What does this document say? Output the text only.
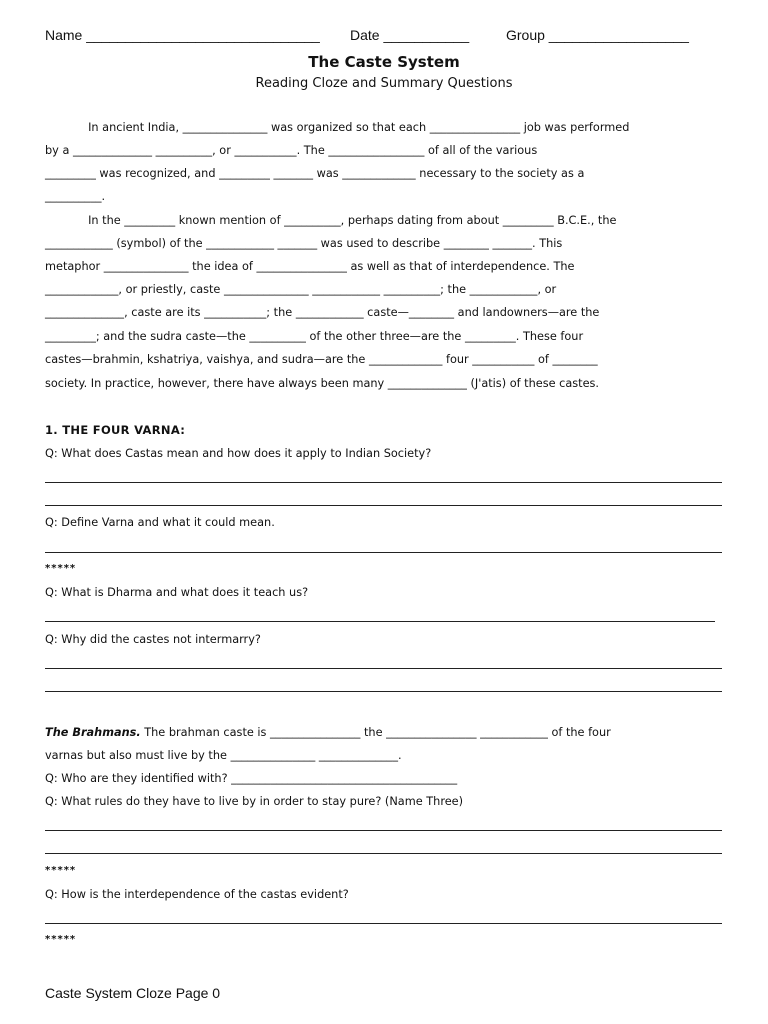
Name ______________________________ Date ___________	Group __________________
The Caste System
Reading Cloze and Summary Questions
In ancient India, _______________ was organized so that each ________________ job was performed
by a ______________ __________, or ___________. The _________________ of all of the various
_________ was recognized, and _________ _______ was _____________ necessary to the society as a
__________.
In the _________ known mention of __________, perhaps dating from about _________ B.C.E., the
____________ (symbol) of the ____________ _______ was used to describe ________ _______. This
metaphor _______________ the idea of ________________ as well as that of interdependence. The
_____________, or priestly, caste _______________ ____________ __________; the ____________, or
______________, caste are its ___________; the ____________ caste—________ and landowners—are the
_________; and the sudra caste—the __________ of the other three—are the _________. These four
castes—brahmin, kshatriya, vaishya, and sudra—are the _____________ four ___________ of ________
society. In practice, however, there have always been many ______________ (J'atis) of these castes.
1. THE FOUR VARNA:
Q: What does Castas mean and how does it apply to Indian Society?
Q: Define Varna and what it could mean.
*****
Q: What is Dharma and what does it teach us?
Q: Why did the castes not intermarry?
The Brahmans. The brahman caste is ________________ the ________________ ____________ of the four
varnas but also must live by the _______________ ______________.
Q: Who are they identified with? ________________________________________
Q: What rules do they have to live by in order to stay pure? (Name Three)
*****
Q: How is the interdependence of the castas evident?
*****
Caste System Cloze Page 0
